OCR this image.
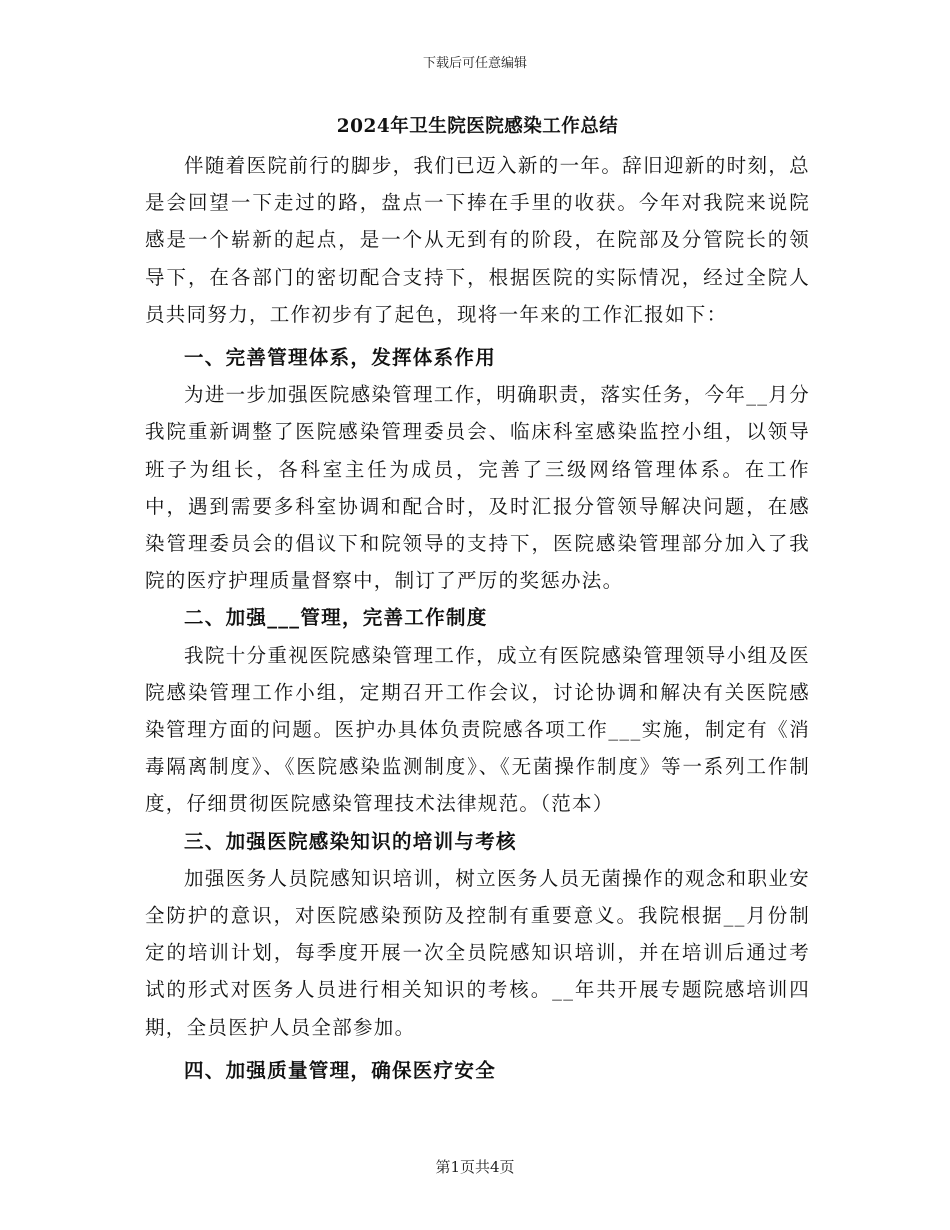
下载后可任意编辑
2024年卫生院医院感染工作总结

伴随着医院前行的脚步，我们已迈入新的一年。辞旧迎新的时刻，总是会回望一下走过的路，盘点一下捧在手里的收获。今年对我院来说院感是一个崭新的起点，是一个从无到有的阶段，在院部及分管院长的领导下，在各部门的密切配合支持下，根据医院的实际情况，经过全院人员共同努力，工作初步有了起色，现将一年来的工作汇报如下：

一、完善管理体系，发挥体系作用

为进一步加强医院感染管理工作，明确职责，落实任务，今年__月分我院重新调整了医院感染管理委员会、临床科室感染监控小组，以领导班子为组长，各科室主任为成员，完善了三级网络管理体系。在工作中，遇到需要多科室协调和配合时，及时汇报分管领导解决问题，在感染管理委员会的倡议下和院领导的支持下，医院感染管理部分加入了我院的医疗护理质量督察中，制订了严厉的奖惩办法。

二、加强___管理，完善工作制度

我院十分重视医院感染管理工作，成立有医院感染管理领导小组及医院感染管理工作小组，定期召开工作会议，讨论协调和解决有关医院感染管理方面的问题。医护办具体负责院感各项工作___实施，制定有《消毒隔离制度》、《医院感染监测制度》、《无菌操作制度》等一系列工作制度，仔细贯彻医院感染管理技术法律规范。（范本）

三、加强医院感染知识的培训与考核

加强医务人员院感知识培训，树立医务人员无菌操作的观念和职业安全防护的意识，对医院感染预防及控制有重要意义。我院根据__月份制定的培训计划，每季度开展一次全员院感知识培训，并在培训后通过考试的形式对医务人员进行相关知识的考核。__年共开展专题院感培训四期，全员医护人员全部参加。

四、加强质量管理，确保医疗安全

第1页共4页
